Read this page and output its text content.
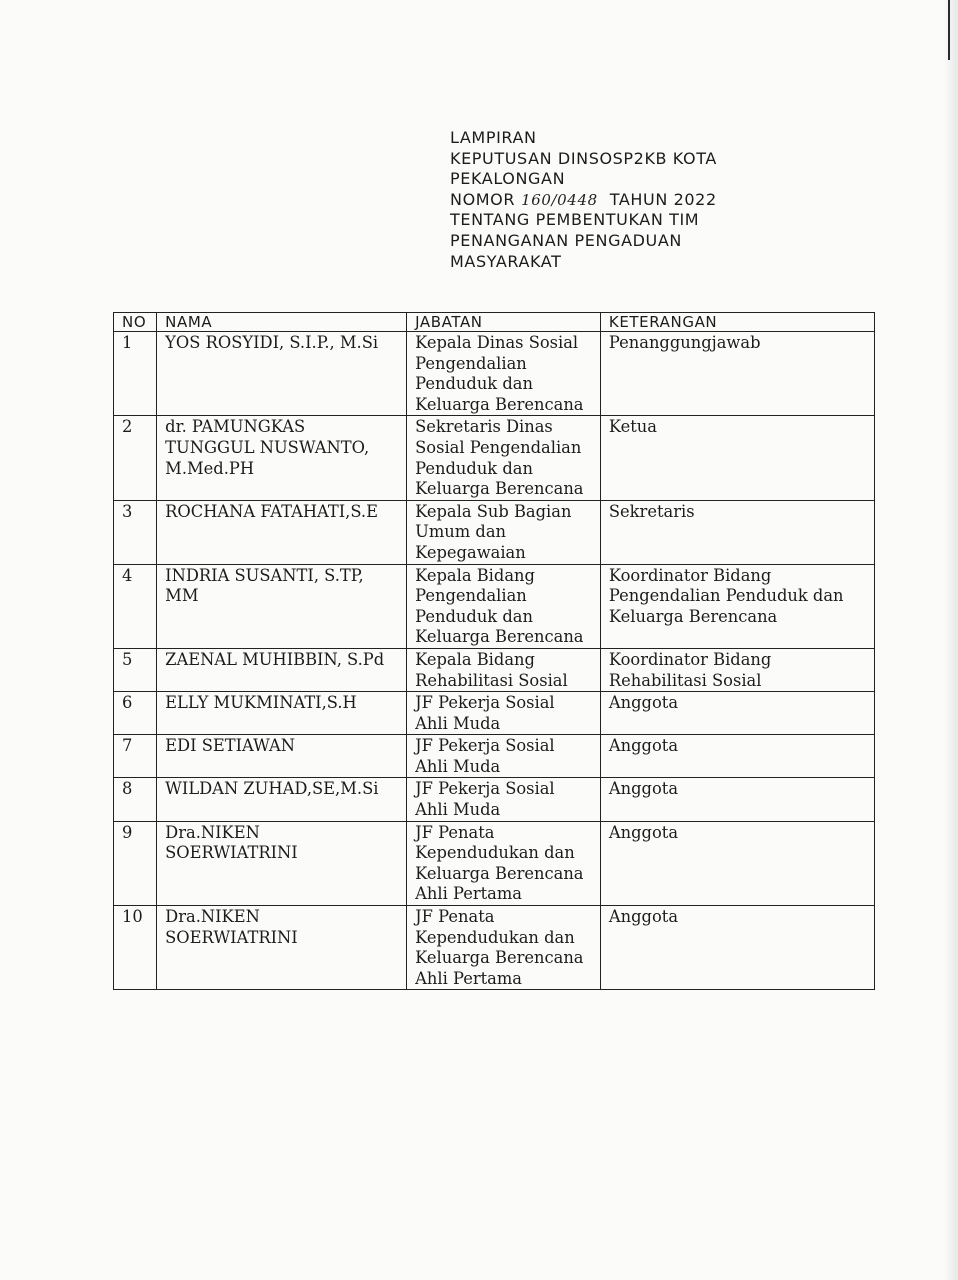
LAMPIRAN
KEPUTUSAN DINSOSP2KB KOTA
PEKALONGAN
NOMOR 160/0448 TAHUN 2022
TENTANG PEMBENTUKAN TIM
PENANGANAN PENGADUAN
MASYARAKAT
NO	NAMA	JABATAN	KETERANGAN

1	YOS ROSYIDI, S.I.P., M.Si	Kepala Dinas Sosial
Pengendalian
Penduduk dan
Keluarga Berencana	Penanggungjawab

2	dr. PAMUNGKAS
TUNGGUL NUSWANTO,
M.Med.PH	Sekretaris Dinas
Sosial Pengendalian
Penduduk dan
Keluarga Berencana	Ketua

3	ROCHANA FATAHATI,S.E	Kepala Sub Bagian
Umum dan
Kepegawaian	Sekretaris

4	INDRIA SUSANTI, S.TP,
MM	Kepala Bidang
Pengendalian
Penduduk dan
Keluarga Berencana	Koordinator Bidang
Pengendalian Penduduk dan
Keluarga Berencana

5	ZAENAL MUHIBBIN, S.Pd	Kepala Bidang
Rehabilitasi Sosial	Koordinator Bidang
Rehabilitasi Sosial

6	ELLY MUKMINATI,S.H	JF Pekerja Sosial
Ahli Muda	Anggota

7	EDI SETIAWAN	JF Pekerja Sosial
Ahli Muda	Anggota

8	WILDAN ZUHAD,SE,M.Si	JF Pekerja Sosial
Ahli Muda	Anggota

9	Dra.NIKEN
SOERWIATRINI	JF Penata
Kependudukan dan
Keluarga Berencana
Ahli Pertama	Anggota

10	Dra.NIKEN
SOERWIATRINI	JF Penata
Kependudukan dan
Keluarga Berencana
Ahli Pertama	Anggota
